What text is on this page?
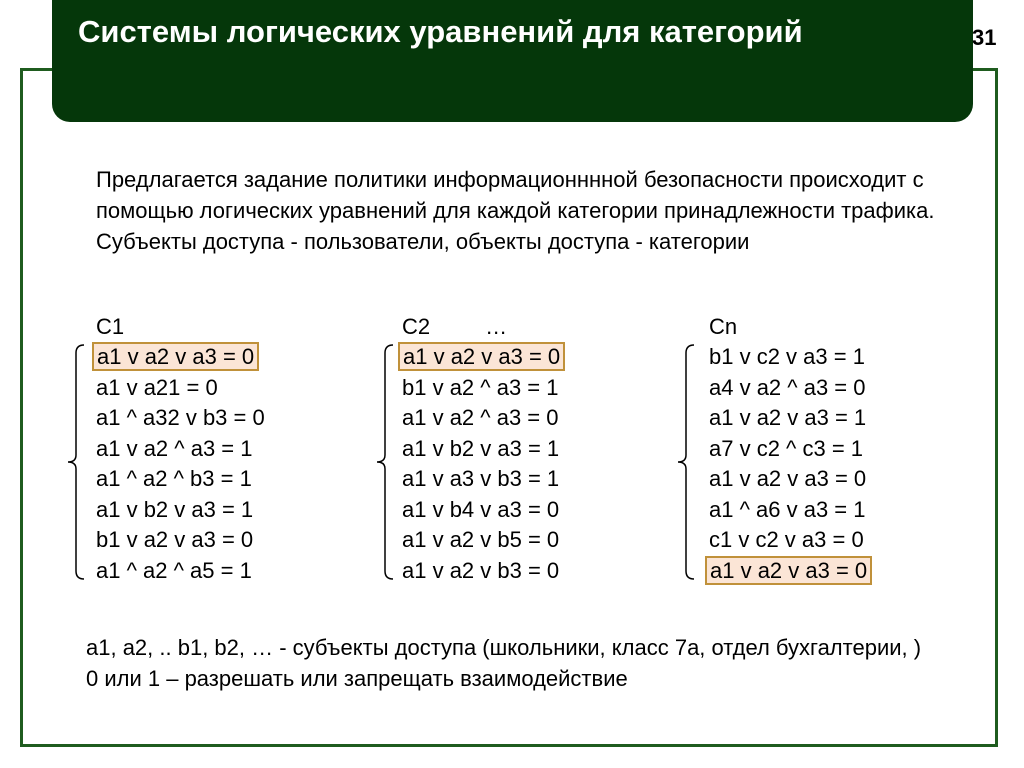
Системы логических уравнений для категорий	31

Предлагается задание политики информационннной безопасности происходит с помощью логических уравнений для каждой категории принадлежности трафика. Субъекты доступа - пользователи, объекты доступа - категории

C1
a1 v a2 v a3 = 0
a1 v a21 = 0
a1 ^ a32 v b3 = 0
a1 v a2 ^ a3 = 1
a1 ^ a2 ^ b3 = 1
a1 v b2 v a3 = 1
b1 v a2 v a3 = 0
a1 ^ a2 ^ a5 = 1
C2         …
a1 v a2 v a3 = 0
b1 v a2 ^ a3 = 1
a1 v a2 ^ a3 = 0
a1 v b2 v a3 = 1
a1 v a3 v b3 = 1
a1 v b4 v a3 = 0
a1 v a2 v b5 = 0
a1 v a2 v b3 = 0
Cn
b1 v c2 v a3 = 1
a4 v a2 ^ a3 = 0
a1 v a2 v a3 = 1
a7 v c2 ^ c3 = 1
a1 v a2 v a3 = 0
a1 ^ a6 v a3 = 1
c1 v c2 v a3 = 0
a1 v a2 v a3 = 0

a1, a2, .. b1, b2, … - субъекты доступа (школьники, класс 7а, отдел бухгалтерии, )

0 или 1 – разрешать или запрещать взаимодействие
